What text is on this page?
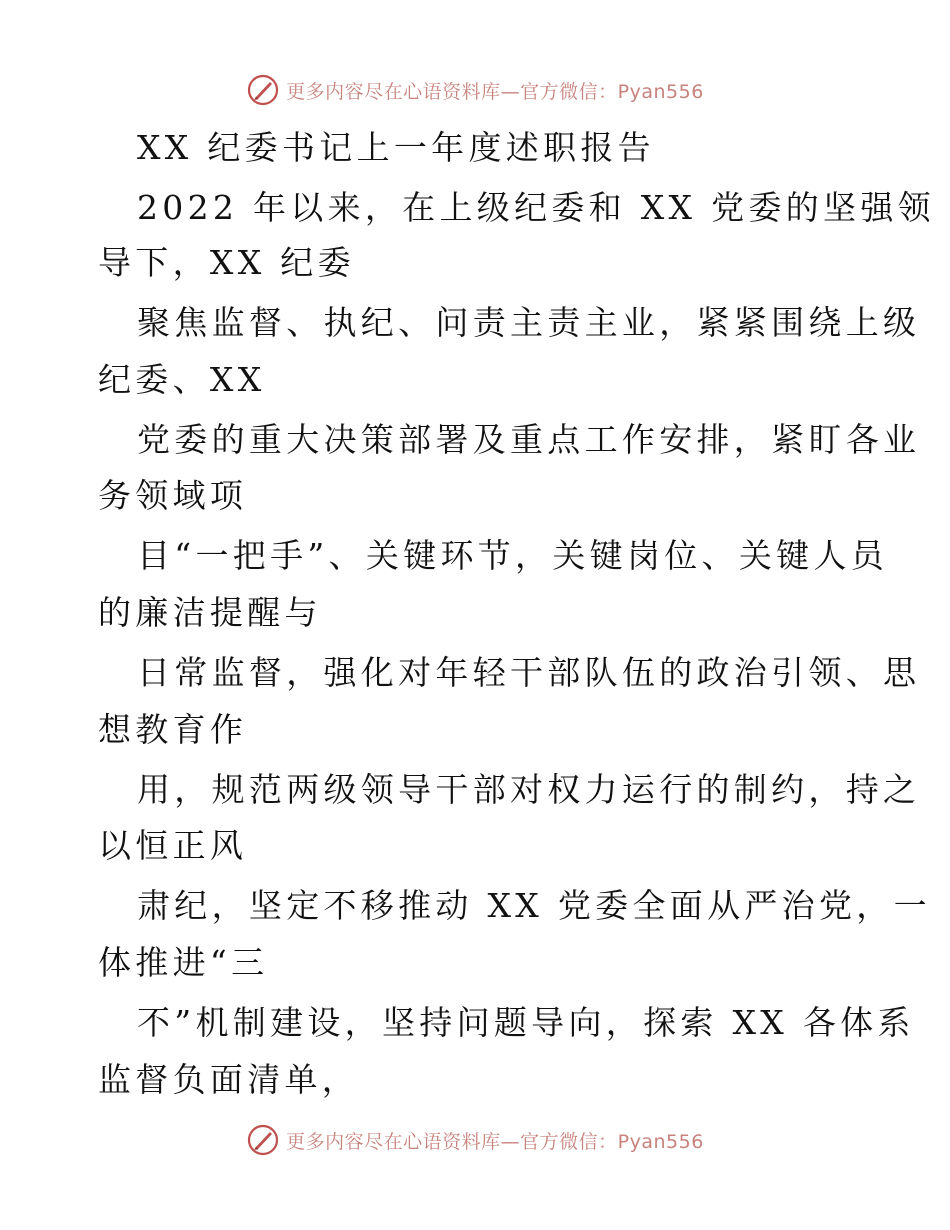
更多内容尽在心语资料库—官方微信：Pyan556
XX 纪委书记上一年度述职报告
2022 年以来，在上级纪委和 XX 党委的坚强领
导下，XX 纪委
聚焦监督、执纪、问责主责主业，紧紧围绕上级
纪委、XX
党委的重大决策部署及重点工作安排，紧盯各业
务领域项
目“一把手”、关键环节，关键岗位、关键人员
的廉洁提醒与
日常监督，强化对年轻干部队伍的政治引领、思
想教育作
用，规范两级领导干部对权力运行的制约，持之
以恒正风
肃纪，坚定不移推动 XX 党委全面从严治党，一
体推进“三
不”机制建设，坚持问题导向，探索 XX 各体系
监督负面清单，
更多内容尽在心语资料库—官方微信：Pyan556
